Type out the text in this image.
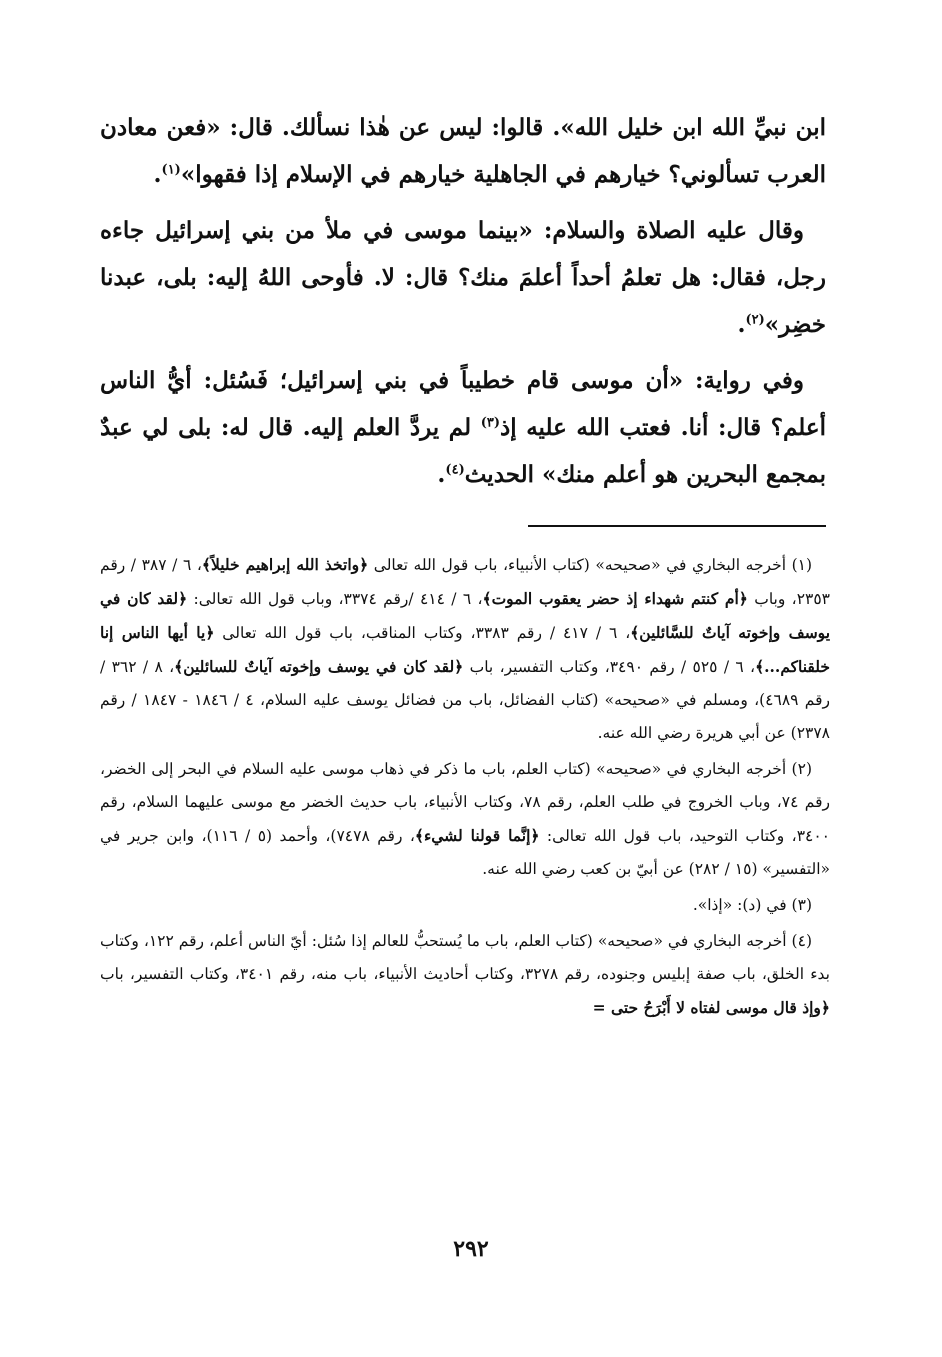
ابن نبيِّ الله ابن خليل الله». قالوا: ليس عن هٰذا نسألك. قال: «فعن معادن العرب تسألوني؟ خيارهم في الجاهلية خيارهم في الإسلام إذا فقهوا»$^{(١)}$.

وقال عليه الصلاة والسلام: «بينما موسى في ملأ من بني إسرائيل جاءه رجل، فقال: هل تعلمُ أحداً أعلمَ منك؟ قال: لا. فأوحى اللهُ إليه: بلى، عبدنا خضِر»$^{(٢)}$.

وفي رواية: «أن موسى قام خطيباً في بني إسرائيل؛ فَسُئل: أيُّ الناس أعلم؟ قال: أنا. فعتب الله عليه إذ$^{(٣)}$ لم يردَّ العلم إليه. قال له: بلى لي عبدٌ بمجمع البحرين هو أعلم منك» الحديث$^{(٤)}$.

(١) أخرجه البخاري في «صحيحه» (كتاب الأنبياء، باب قول الله تعالى ﴿واتخذ الله إبراهيم خليلاً﴾، ٦ / ٣٨٧ / رقم ٢٣٥٣، وباب ﴿أم كنتم شهداء إذ حضر يعقوب الموت﴾، ٦ / ٤١٤ /رقم ٣٣٧٤، وباب قول الله تعالى: ﴿لقد كان في يوسف وإخوته آياتٌ للسَّائلين﴾، ٦ / ٤١٧ / رقم ٣٣٨٣، وكتاب المناقب، باب قول الله تعالى ﴿يا أيها الناس إنا خلقناكم...﴾، ٦ / ٥٢٥ / رقم ٣٤٩٠، وكتاب التفسير، باب ﴿لقد كان في يوسف وإخوته آياتٌ للسائلين﴾، ٨ / ٣٦٢ / رقم ٤٦٨٩)، ومسلم في «صحيحه» (كتاب الفضائل، باب من فضائل يوسف عليه السلام، ٤ / ١٨٤٦ - ١٨٤٧ / رقم ٢٣٧٨) عن أبي هريرة رضي الله عنه.

(٢) أخرجه البخاري في «صحيحه» (كتاب العلم، باب ما ذكر في ذهاب موسى عليه السلام في البحر إلى الخضر، رقم ٧٤، وباب الخروج في طلب العلم، رقم ٧٨، وكتاب الأنبياء، باب حديث الخضر مع موسى عليهما السلام، رقم ٣٤٠٠، وكتاب التوحيد، باب قول الله تعالى: ﴿إنَّما قولنا لشيء﴾، رقم ٧٤٧٨)، وأحمد (٥ / ١١٦)، وابن جرير في «التفسير» (١٥ / ٢٨٢) عن أبيّ بن كعب رضي الله عنه.

(٣) في (د): «إذا».

(٤) أخرجه البخاري في «صحيحه» (كتاب العلم، باب ما يُستحبُّ للعالم إذا سُئل: أيّ الناس أعلم، رقم ١٢٢، وكتاب بدء الخلق، باب صفة إبليس وجنوده، رقم ٣٢٧٨، وكتاب أحاديث الأنبياء، باب منه، رقم ٣٤٠١، وكتاب التفسير، باب ﴿وإذ قال موسى لفتاه لا أَبْرَحُ حتى =

٢٩٢
